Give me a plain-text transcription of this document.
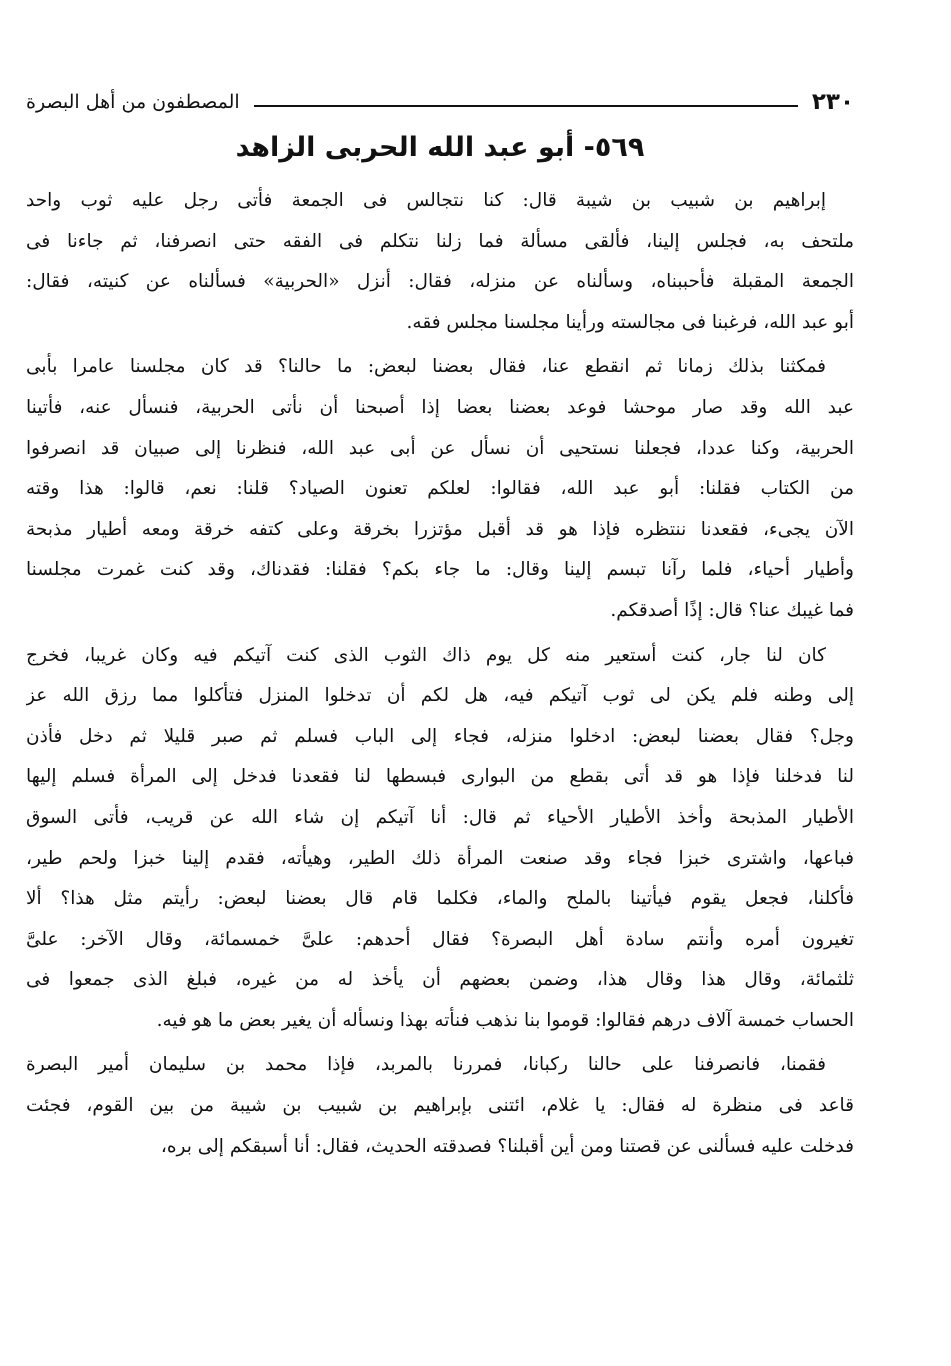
٢٣٠
المصطفون من أهل البصرة
٥٦٩- أبو عبد الله الحربى الزاهد
إبراهيم بن شبيب بن شيبة قال: كنا نتجالس فى الجمعة فأتى رجل عليه ثوب واحد
ملتحف به، فجلس إلينا، فألقى مسألة فما زلنا نتكلم فى الفقه حتى انصرفنا، ثم جاءنا فى
الجمعة المقبلة فأحببناه، وسألناه عن منزله، فقال: أنزل «الحربية» فسألناه عن كنيته، فقال:
أبو عبد الله، فرغبنا فى مجالسته ورأينا مجلسنا مجلس فقه.
فمكثنا بذلك زمانا ثم انقطع عنا، فقال بعضنا لبعض: ما حالنا؟ قد كان مجلسنا عامرا بأبى
عبد الله وقد صار موحشا فوعد بعضنا بعضا إذا أصبحنا أن نأتى الحربية، فنسأل عنه، فأتينا
الحربية، وكنا عددا، فجعلنا نستحيى أن نسأل عن أبى عبد الله، فنظرنا إلى صبيان قد انصرفوا
من الكتاب فقلنا: أبو عبد الله، فقالوا: لعلكم تعنون الصياد؟ قلنا: نعم، قالوا: هذا وقته
الآن يجىء، فقعدنا ننتظره فإذا هو قد أقبل مؤتزرا بخرقة وعلى كتفه خرقة ومعه أطيار مذبحة
وأطيار أحياء، فلما رآنا تبسم إلينا وقال: ما جاء بكم؟ فقلنا: فقدناك، وقد كنت غمرت مجلسنا
فما غيبك عنا؟ قال: إذًا أصدقكم.
كان لنا جار، كنت أستعير منه كل يوم ذاك الثوب الذى كنت آتيكم فيه وكان غريبا، فخرج
إلى وطنه فلم يكن لى ثوب آتيكم فيه، هل لكم أن تدخلوا المنزل فتأكلوا مما رزق الله عز
وجل؟ فقال بعضنا لبعض: ادخلوا منزله، فجاء إلى الباب فسلم ثم صبر قليلا ثم دخل فأذن
لنا فدخلنا فإذا هو قد أتى بقطع من البوارى فبسطها لنا فقعدنا فدخل إلى المرأة فسلم إليها
الأطيار المذبحة وأخذ الأطيار الأحياء ثم قال: أنا آتيكم إن شاء الله عن قريب، فأتى السوق
فباعها، واشترى خبزا فجاء وقد صنعت المرأة ذلك الطير، وهيأته، فقدم إلينا خبزا ولحم طير،
فأكلنا، فجعل يقوم فيأتينا بالملح والماء، فكلما قام قال بعضنا لبعض: رأيتم مثل هذا؟ ألا
تغيرون أمره وأنتم سادة أهل البصرة؟ فقال أحدهم: علىَّ خمسمائة، وقال الآخر: علىَّ
ثلثمائة، وقال هذا وقال هذا، وضمن بعضهم أن يأخذ له من غيره، فبلغ الذى جمعوا فى
الحساب خمسة آلاف درهم فقالوا: قوموا بنا نذهب فنأته بهذا ونسأله أن يغير بعض ما هو فيه.
فقمنا، فانصرفنا على حالنا ركبانا، فمررنا بالمربد، فإذا محمد بن سليمان أمير البصرة
قاعد فى منظرة له فقال: يا غلام، ائتنى بإبراهيم بن شبيب بن شيبة من بين القوم، فجئت
فدخلت عليه فسألنى عن قصتنا ومن أين أقبلنا؟ فصدقته الحديث، فقال: أنا أسبقكم إلى بره،
